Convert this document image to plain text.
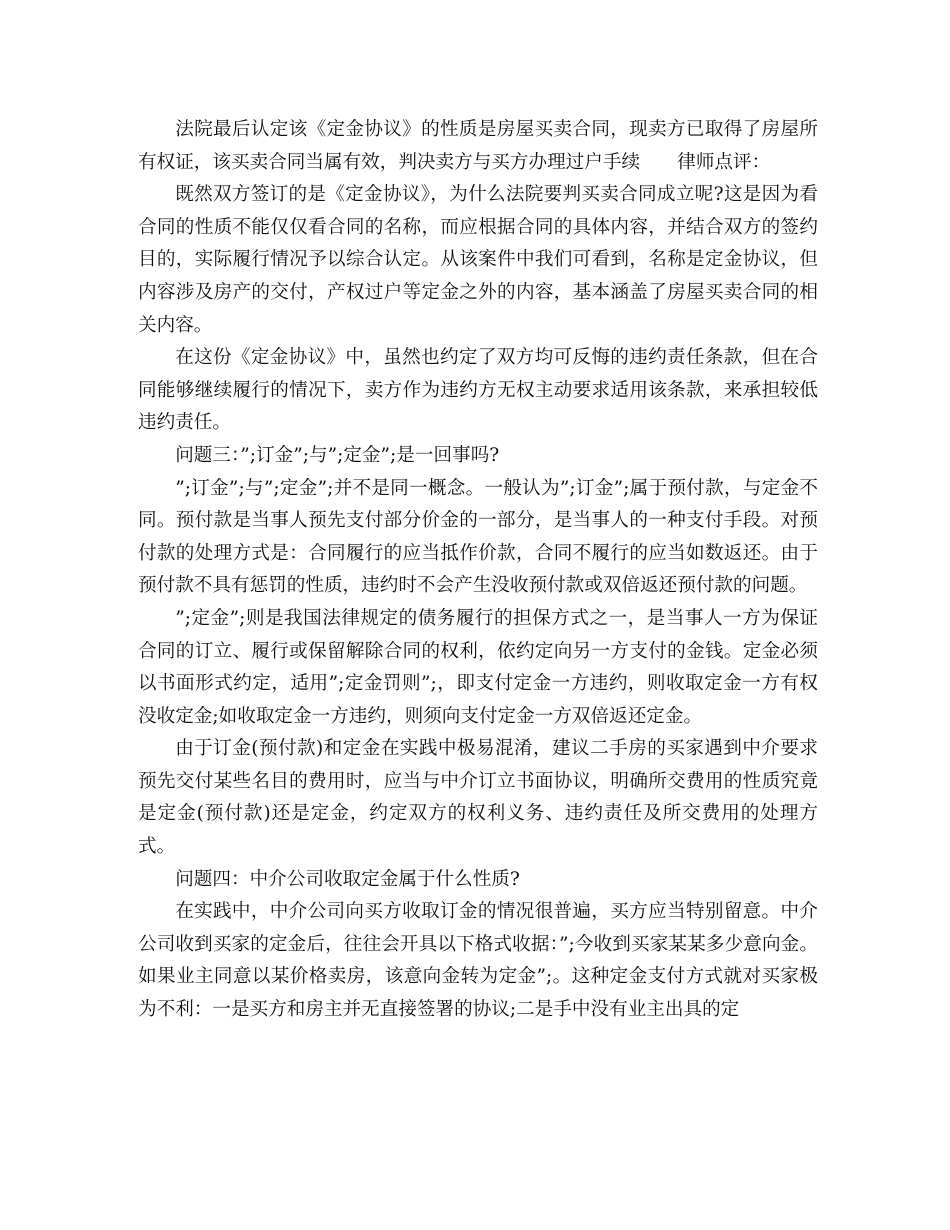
法院最后认定该《定金协议》的性质是房屋买卖合同，现卖方已取得了房屋所有权证，该买卖合同当属有效，判决卖方与买方办理过户手续　　律师点评：

既然双方签订的是《定金协议》，为什么法院要判买卖合同成立呢?这是因为看合同的性质不能仅仅看合同的名称，而应根据合同的具体内容，并结合双方的签约目的，实际履行情况予以综合认定。从该案件中我们可看到，名称是定金协议，但内容涉及房产的交付，产权过户等定金之外的内容，基本涵盖了房屋买卖合同的相关内容。

在这份《定金协议》中，虽然也约定了双方均可反悔的违约责任条款，但在合同能够继续履行的情况下，卖方作为违约方无权主动要求适用该条款，来承担较低违约责任。

问题三：”;订金”;与”;定金”;是一回事吗?

”;订金”;与”;定金”;并不是同一概念。一般认为”;订金”;属于预付款，与定金不同。预付款是当事人预先支付部分价金的一部分，是当事人的一种支付手段。对预付款的处理方式是：合同履行的应当抵作价款，合同不履行的应当如数返还。由于预付款不具有惩罚的性质，违约时不会产生没收预付款或双倍返还预付款的问题。

”;定金”;则是我国法律规定的债务履行的担保方式之一，是当事人一方为保证合同的订立、履行或保留解除合同的权利，依约定向另一方支付的金钱。定金必须以书面形式约定，适用”;定金罚则”;，即支付定金一方违约，则收取定金一方有权没收定金;如收取定金一方违约，则须向支付定金一方双倍返还定金。

由于订金(预付款)和定金在实践中极易混淆，建议二手房的买家遇到中介要求预先交付某些名目的费用时，应当与中介订立书面协议，明确所交费用的性质究竟是定金(预付款)还是定金，约定双方的权利义务、违约责任及所交费用的处理方式。

问题四：中介公司收取定金属于什么性质?

在实践中，中介公司向买方收取订金的情况很普遍，买方应当特别留意。中介公司收到买家的定金后，往往会开具以下格式收据：”;今收到买家某某多少意向金。如果业主同意以某价格卖房，该意向金转为定金”;。这种定金支付方式就对买家极为不利：一是买方和房主并无直接签署的协议;二是手中没有业主出具的定
